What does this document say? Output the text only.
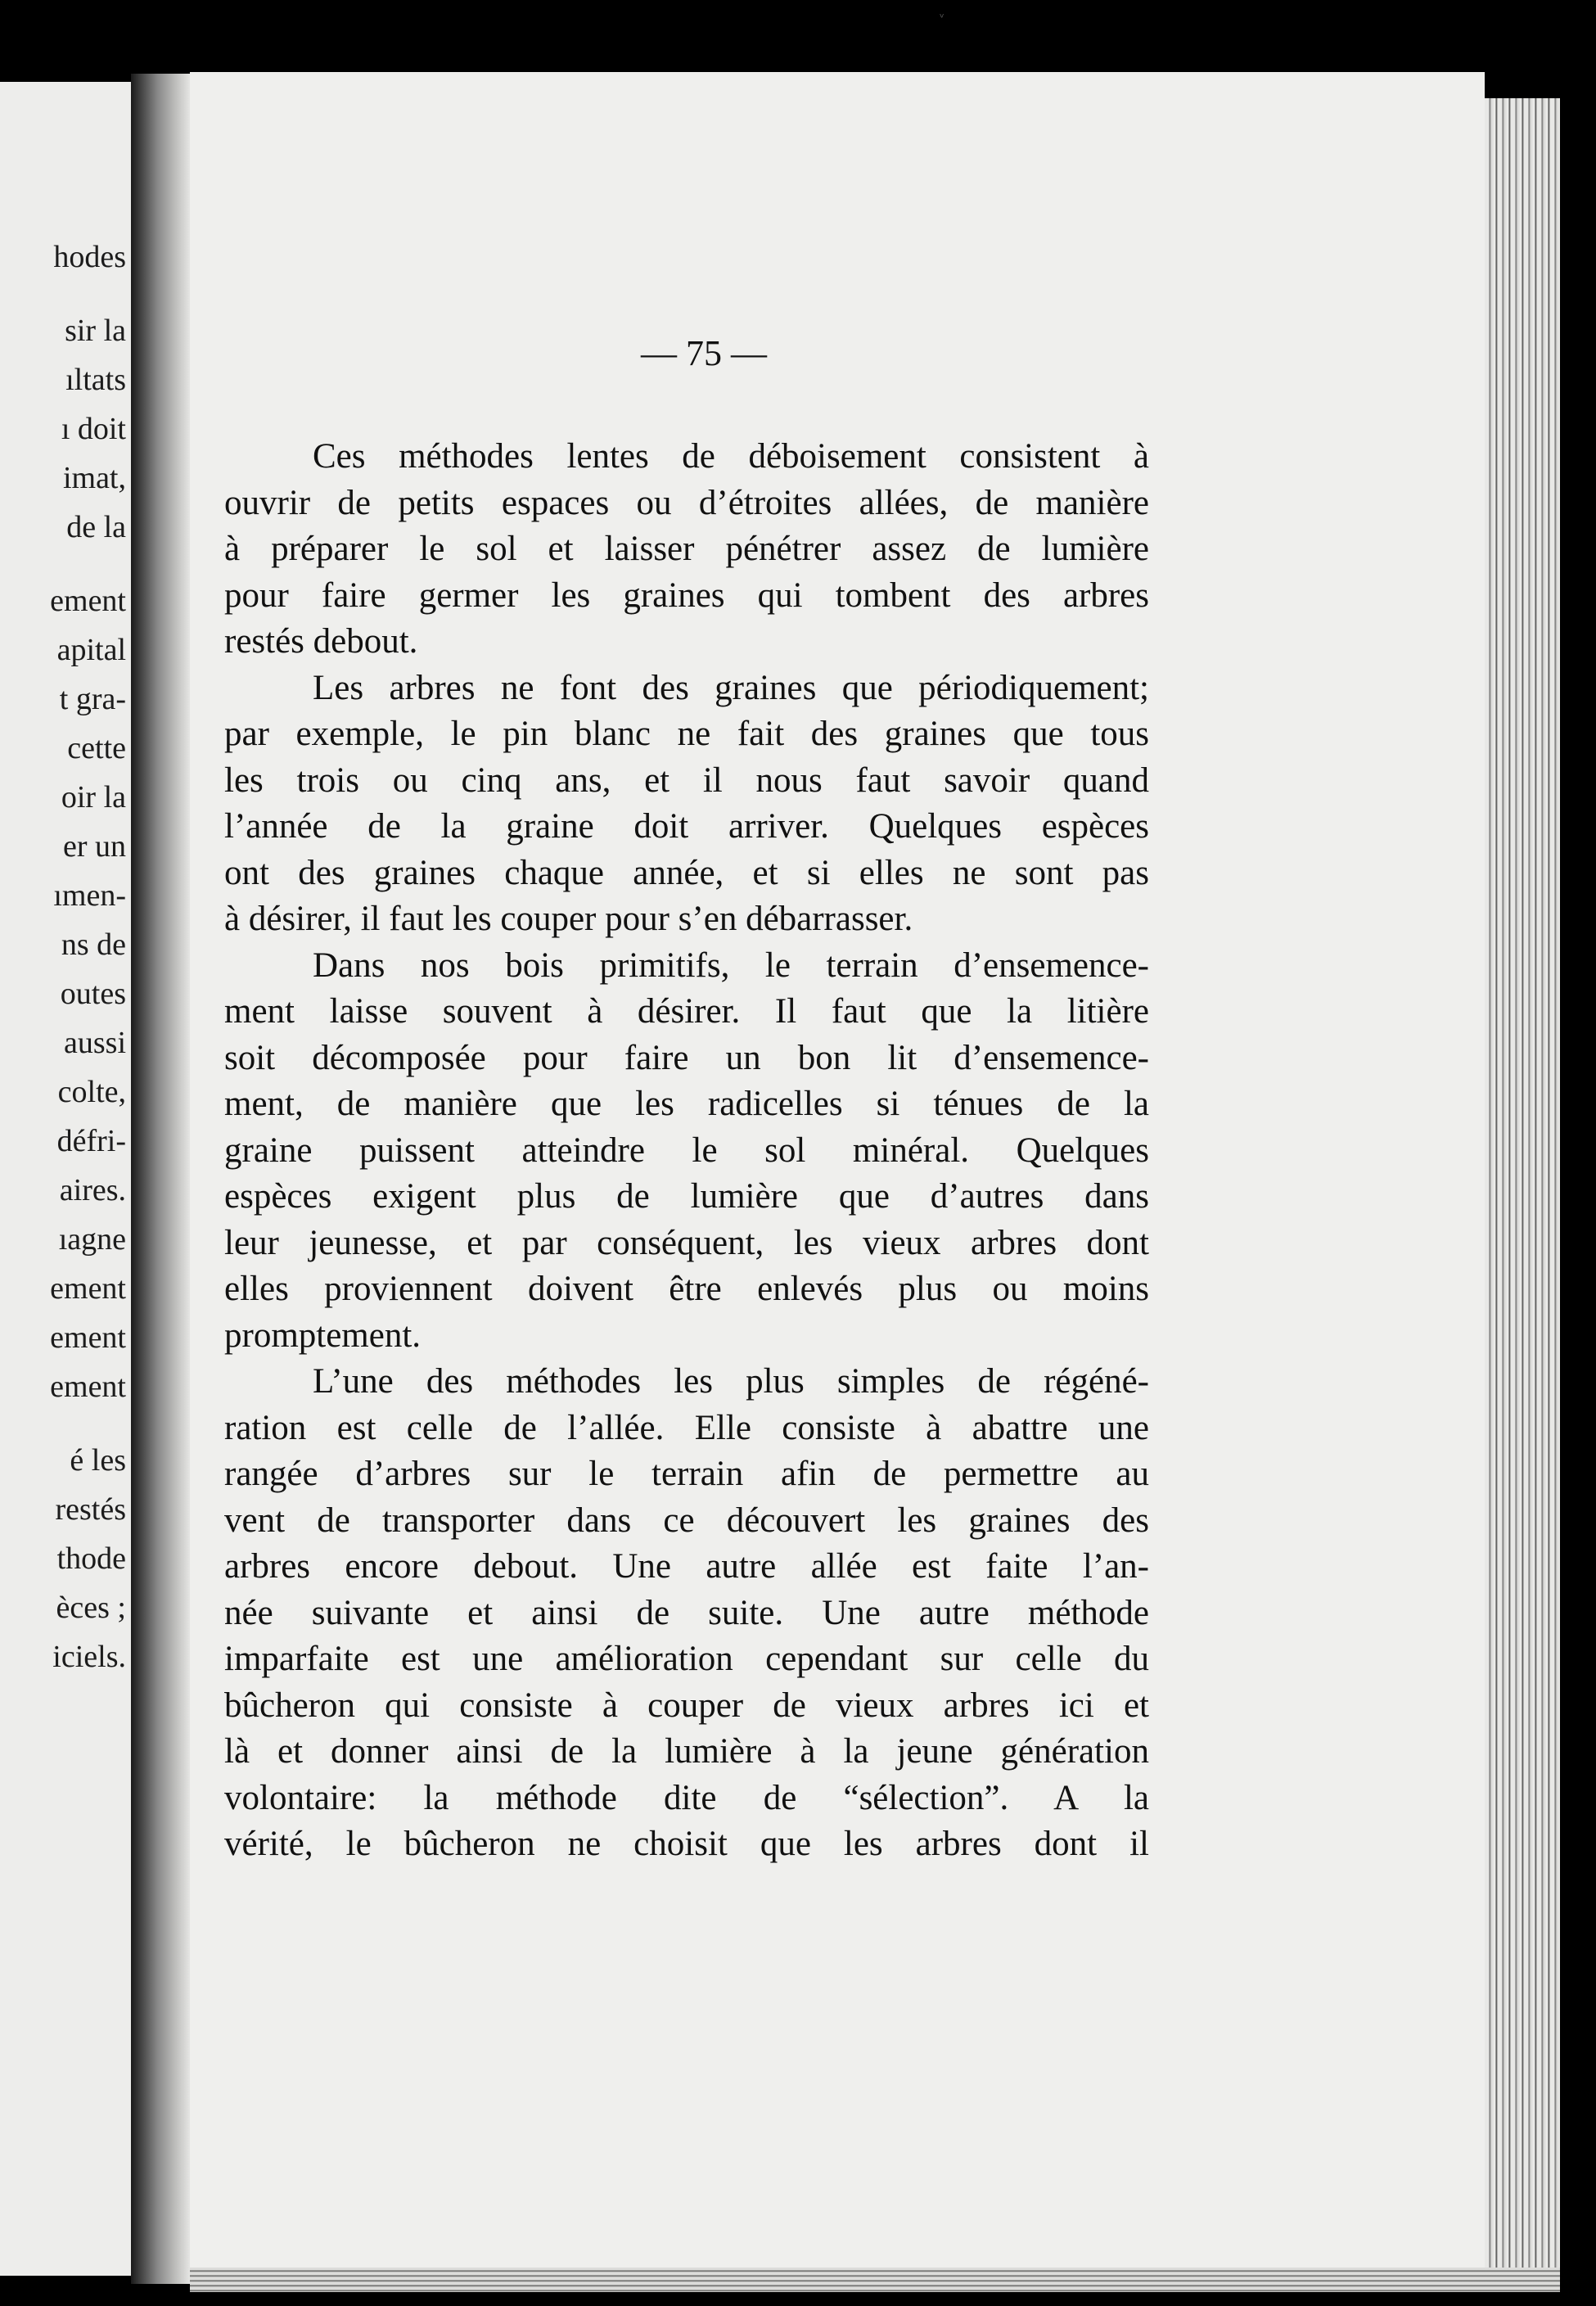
ᵛ
hodes
sir la
ıltats
ı doit
imat,
de la
ement
apital
t gra-
cette
oir la
er un
ımen-
ns de
outes
aussi
colte,
défri-
aires.
ıagne
ement
ement
ement
é les
restés
thode
èces ;
iciels.

— 75 —

Ces méthodes lentes de déboisement consistent à
ouvrir de petits espaces ou d’étroites allées, de manière
à préparer le sol et laisser pénétrer assez de lumière
pour faire germer les graines qui tombent des arbres
restés debout.
Les arbres ne font des graines que périodiquement;
par exemple, le pin blanc ne fait des graines que tous
les trois ou cinq ans, et il nous faut savoir quand
l’année de la graine doit arriver. Quelques espèces
ont des graines chaque année, et si elles ne sont pas
à désirer, il faut les couper pour s’en débarrasser.
Dans nos bois primitifs, le terrain d’ensemence-
ment laisse souvent à désirer. Il faut que la litière
soit décomposée pour faire un bon lit d’ensemence-
ment, de manière que les radicelles si ténues de la
graine puissent atteindre le sol minéral. Quelques
espèces exigent plus de lumière que d’autres dans
leur jeunesse, et par conséquent, les vieux arbres dont
elles proviennent doivent être enlevés plus ou moins
promptement.
L’une des méthodes les plus simples de régéné-
ration est celle de l’allée. Elle consiste à abattre une
rangée d’arbres sur le terrain afin de permettre au
vent de transporter dans ce découvert les graines des
arbres encore debout. Une autre allée est faite l’an-
née suivante et ainsi de suite. Une autre méthode
imparfaite est une amélioration cependant sur celle du
bûcheron qui consiste à couper de vieux arbres ici et
là et donner ainsi de la lumière à la jeune génération
volontaire: la méthode dite de “sélection”. A la
vérité, le bûcheron ne choisit que les arbres dont il
